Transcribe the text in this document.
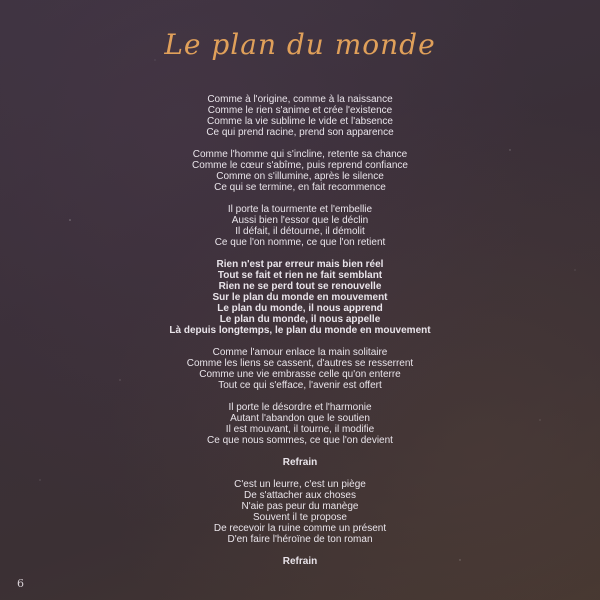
Le plan du monde
Comme à l'origine, comme à la naissance
Comme le rien s'anime et crée l'existence
Comme la vie sublime le vide et l'absence
Ce qui prend racine, prend son apparence
Comme l'homme qui s'incline, retente sa chance
Comme le cœur s'abîme, puis reprend confiance
Comme on s'illumine, après le silence
Ce qui se termine, en fait recommence
Il porte la tourmente et l'embellie
Aussi bien l'essor que le déclin
Il défait, il détourne, il démolit
Ce que l'on nomme, ce que l'on retient
Rien n'est par erreur mais bien réel
Tout se fait et rien ne fait semblant
Rien ne se perd tout se renouvelle
Sur le plan du monde en mouvement
Le plan du monde, il nous apprend
Le plan du monde, il nous appelle
Là depuis longtemps, le plan du monde en mouvement
Comme l'amour enlace la main solitaire
Comme les liens se cassent, d'autres se resserrent
Comme une vie embrasse celle qu'on enterre
Tout ce qui s'efface, l'avenir est offert
Il porte le désordre et l'harmonie
Autant l'abandon que le soutien
Il est mouvant, il tourne, il modifie
Ce que nous sommes, ce que l'on devient
Refrain
C'est un leurre, c'est un piège
De s'attacher aux choses
N'aie pas peur du manège
Souvent il te propose
De recevoir la ruine comme un présent
D'en faire l'héroïne de ton roman
Refrain
6
